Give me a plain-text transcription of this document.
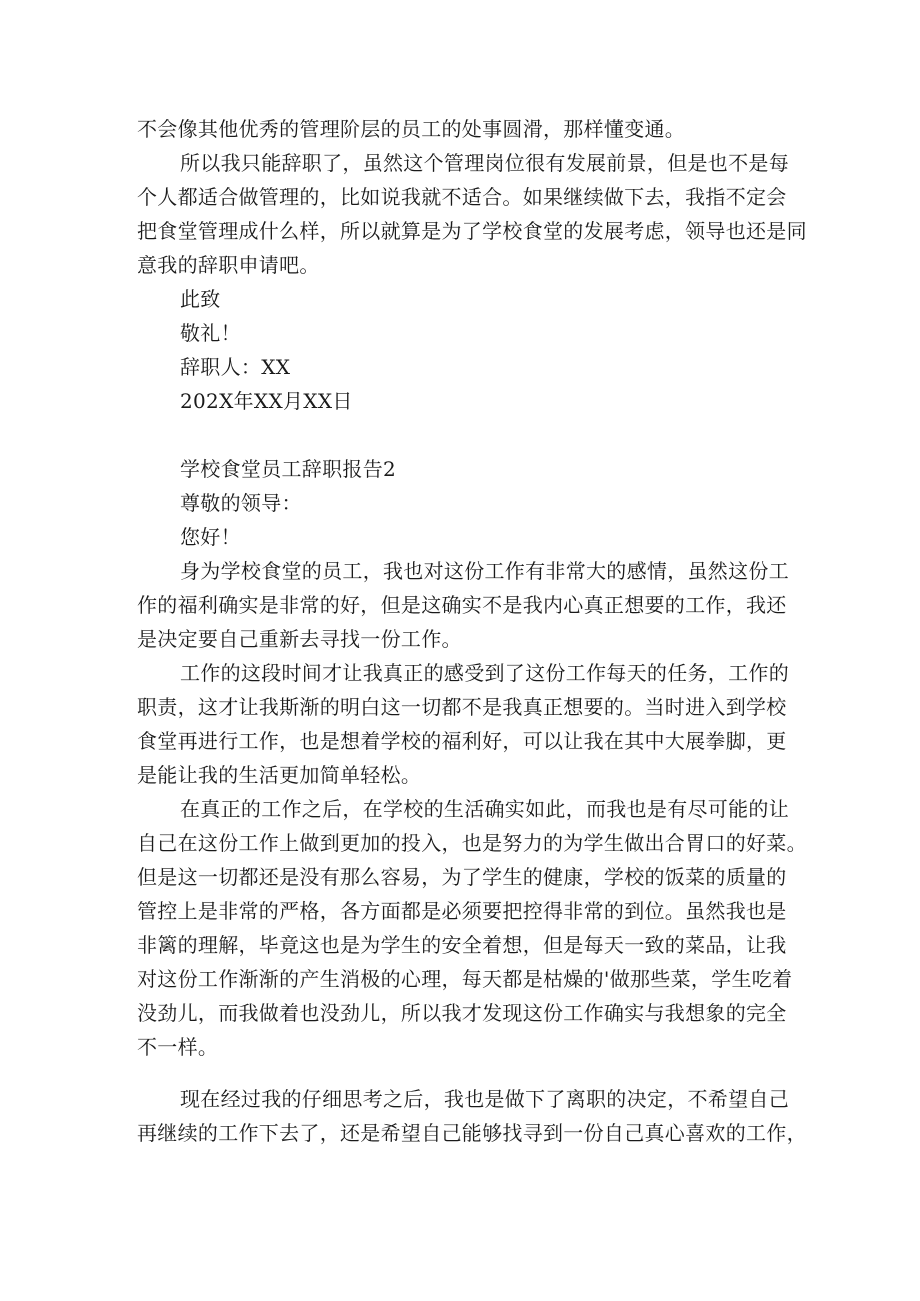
不会像其他优秀的管理阶层的员工的处事圆滑，那样懂变通。
所以我只能辞职了，虽然这个管理岗位很有发展前景，但是也不是每
个人都适合做管理的，比如说我就不适合。如果继续做下去，我指不定会
把食堂管理成什么样，所以就算是为了学校食堂的发展考虑，领导也还是同
意我的辞职申请吧。
此致
敬礼！
辞职人：XX
202X年XX月XX日
学校食堂员工辞职报告2
尊敬的领导：
您好！
身为学校食堂的员工，我也对这份工作有非常大的感情，虽然这份工
作的福利确实是非常的好，但是这确实不是我内心真正想要的工作，我还
是决定要自己重新去寻找一份工作。
工作的这段时间才让我真正的感受到了这份工作每天的任务，工作的
职责，这才让我斯渐的明白这一切都不是我真正想要的。当时进入到学校
食堂再进行工作，也是想着学校的福利好，可以让我在其中大展拳脚，更
是能让我的生活更加简单轻松。
在真正的工作之后，在学校的生活确实如此，而我也是有尽可能的让
自己在这份工作上做到更加的投入，也是努力的为学生做出合胃口的好菜。
但是这一切都还是没有那么容易，为了学生的健康，学校的饭菜的质量的
管控上是非常的严格，各方面都是必须要把控得非常的到位。虽然我也是
非篱的理解，毕竟这也是为学生的安全着想，但是每天一致的菜品，让我
对这份工作渐渐的产生消极的心理，每天都是枯燥的'做那些菜，学生吃着
没劲儿，而我做着也没劲儿，所以我才发现这份工作确实与我想象的完全
不一样。
现在经过我的仔细思考之后，我也是做下了离职的决定，不希望自己
再继续的工作下去了，还是希望自己能够找寻到一份自己真心喜欢的工作，
